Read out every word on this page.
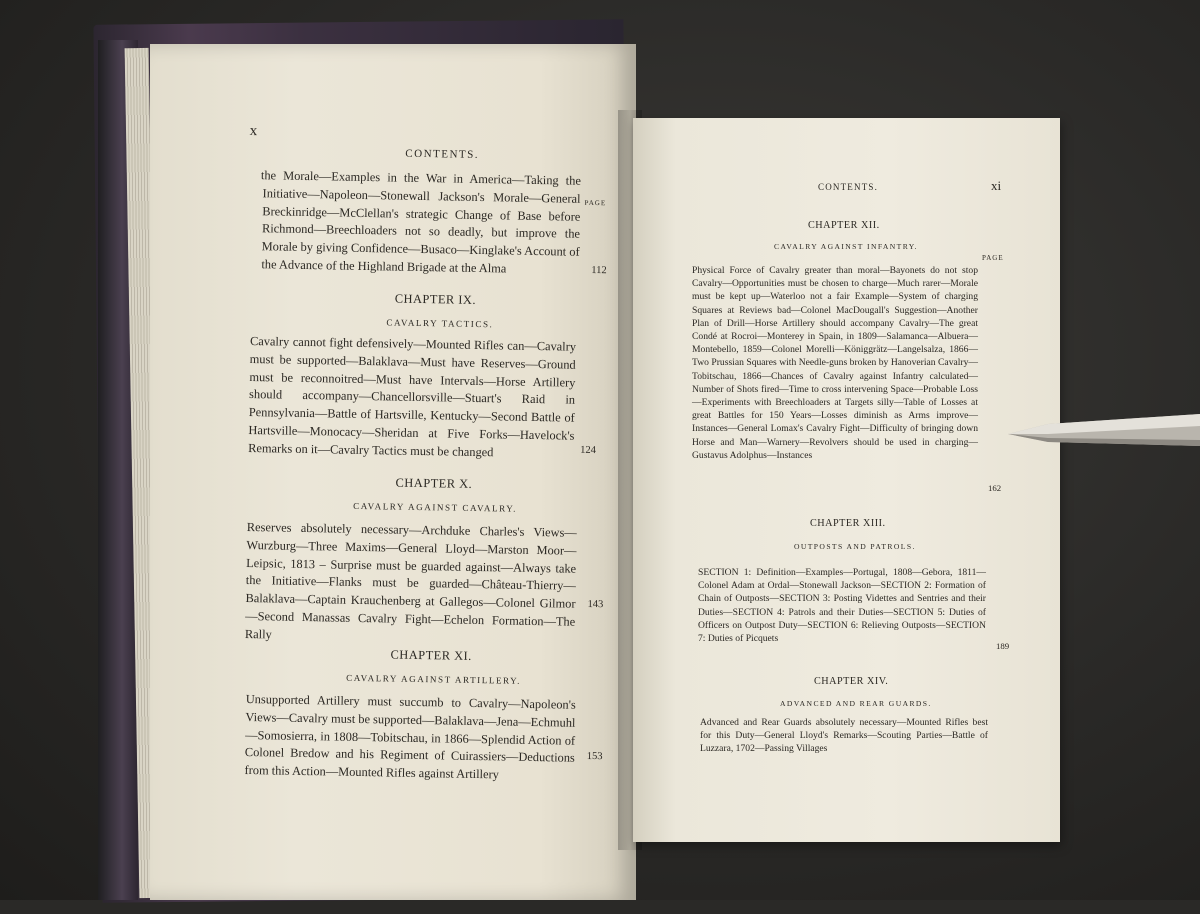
x
CONTENTS.
PAGE
the Morale—Examples in the War in America—Taking the Initiative—Napoleon—Stonewall Jackson's Morale—General Breckinridge—McClellan's strategic Change of Base before Richmond—Breechloaders not so deadly, but improve the Morale by giving Confidence—Busaco—Kinglake's Account of the Advance of the Highland Brigade at the Alma	112
CHAPTER IX.
CAVALRY TACTICS.
Cavalry cannot fight defensively—Mounted Rifles can—Cavalry must be supported—Balaklava—Must have Reserves—Ground must be reconnoitred—Must have Intervals—Horse Artillery should accompany—Chancellorsville—Stuart's Raid in Pennsylvania—Battle of Hartsville, Kentucky—Second Battle of Hartsville—Monocacy—Sheridan at Five Forks—Havelock's Remarks on it—Cavalry Tactics must be changed	124
CHAPTER X.
CAVALRY AGAINST CAVALRY.
Reserves absolutely necessary—Archduke Charles's Views—Wurzburg—Three Maxims—General Lloyd—Marston Moor—Leipsic, 1813 – Surprise must be guarded against—Always take the Initiative—Flanks must be guarded—Château-Thierry—Balaklava—Captain Krauchenberg at Gallegos—Colonel Gilmor—Second Manassas Cavalry Fight—Echelon Formation—The Rally
143
CHAPTER XI.
CAVALRY AGAINST ARTILLERY.
Unsupported Artillery must succumb to Cavalry—Napoleon's Views—Cavalry must be supported—Balaklava—Jena—Echmuhl—Somosierra, in 1808—Tobitschau, in 1866—Splendid Action of Colonel Bredow and his Regiment of Cuirassiers—Deductions from this Action—Mounted Rifles against Artillery
153
CONTENTS.	xi
CHAPTER XII.
CAVALRY AGAINST INFANTRY.
PAGE
Physical Force of Cavalry greater than moral—Bayonets do not stop Cavalry—Opportunities must be chosen to charge—Much rarer—Morale must be kept up—Waterloo not a fair Example—System of charging Squares at Reviews bad—Colonel MacDougall's Suggestion—Another Plan of Drill—Horse Artillery should accompany Cavalry—The great Condé at Rocroi—Monterey in Spain, in 1809—Salamanca—Albuera—Montebello, 1859—Colonel Morelli—Königgrätz—Langelsalza, 1866—Two Prussian Squares with Needle-guns broken by Hanoverian Cavalry—Tobitschau, 1866—Chances of Cavalry against Infantry calculated—Number of Shots fired—Time to cross intervening Space—Probable Loss—Experiments with Breechloaders at Targets silly—Table of Losses at great Battles for 150 Years—Losses diminish as Arms improve—Instances—General Lomax's Cavalry Fight—Difficulty of bringing down Horse and Man—Warnery—Revolvers should be used in charging—Gustavus Adolphus—Instances
162
CHAPTER XIII.
OUTPOSTS AND PATROLS.
SECTION 1: Definition—Examples—Portugal, 1808—Gebora, 1811—Colonel Adam at Ordal—Stonewall Jackson—SECTION 2: Formation of Chain of Outposts—SECTION 3: Posting Videttes and Sentries and their Duties—SECTION 4: Patrols and their Duties—SECTION 5: Duties of Officers on Outpost Duty—SECTION 6: Relieving Outposts—SECTION 7: Duties of Picquets
189
CHAPTER XIV.
ADVANCED AND REAR GUARDS.
Advanced and Rear Guards absolutely necessary—Mounted Rifles best for this Duty—General Lloyd's Remarks—Scouting Parties—Battle of Luzzara, 1702—Passing Villages
